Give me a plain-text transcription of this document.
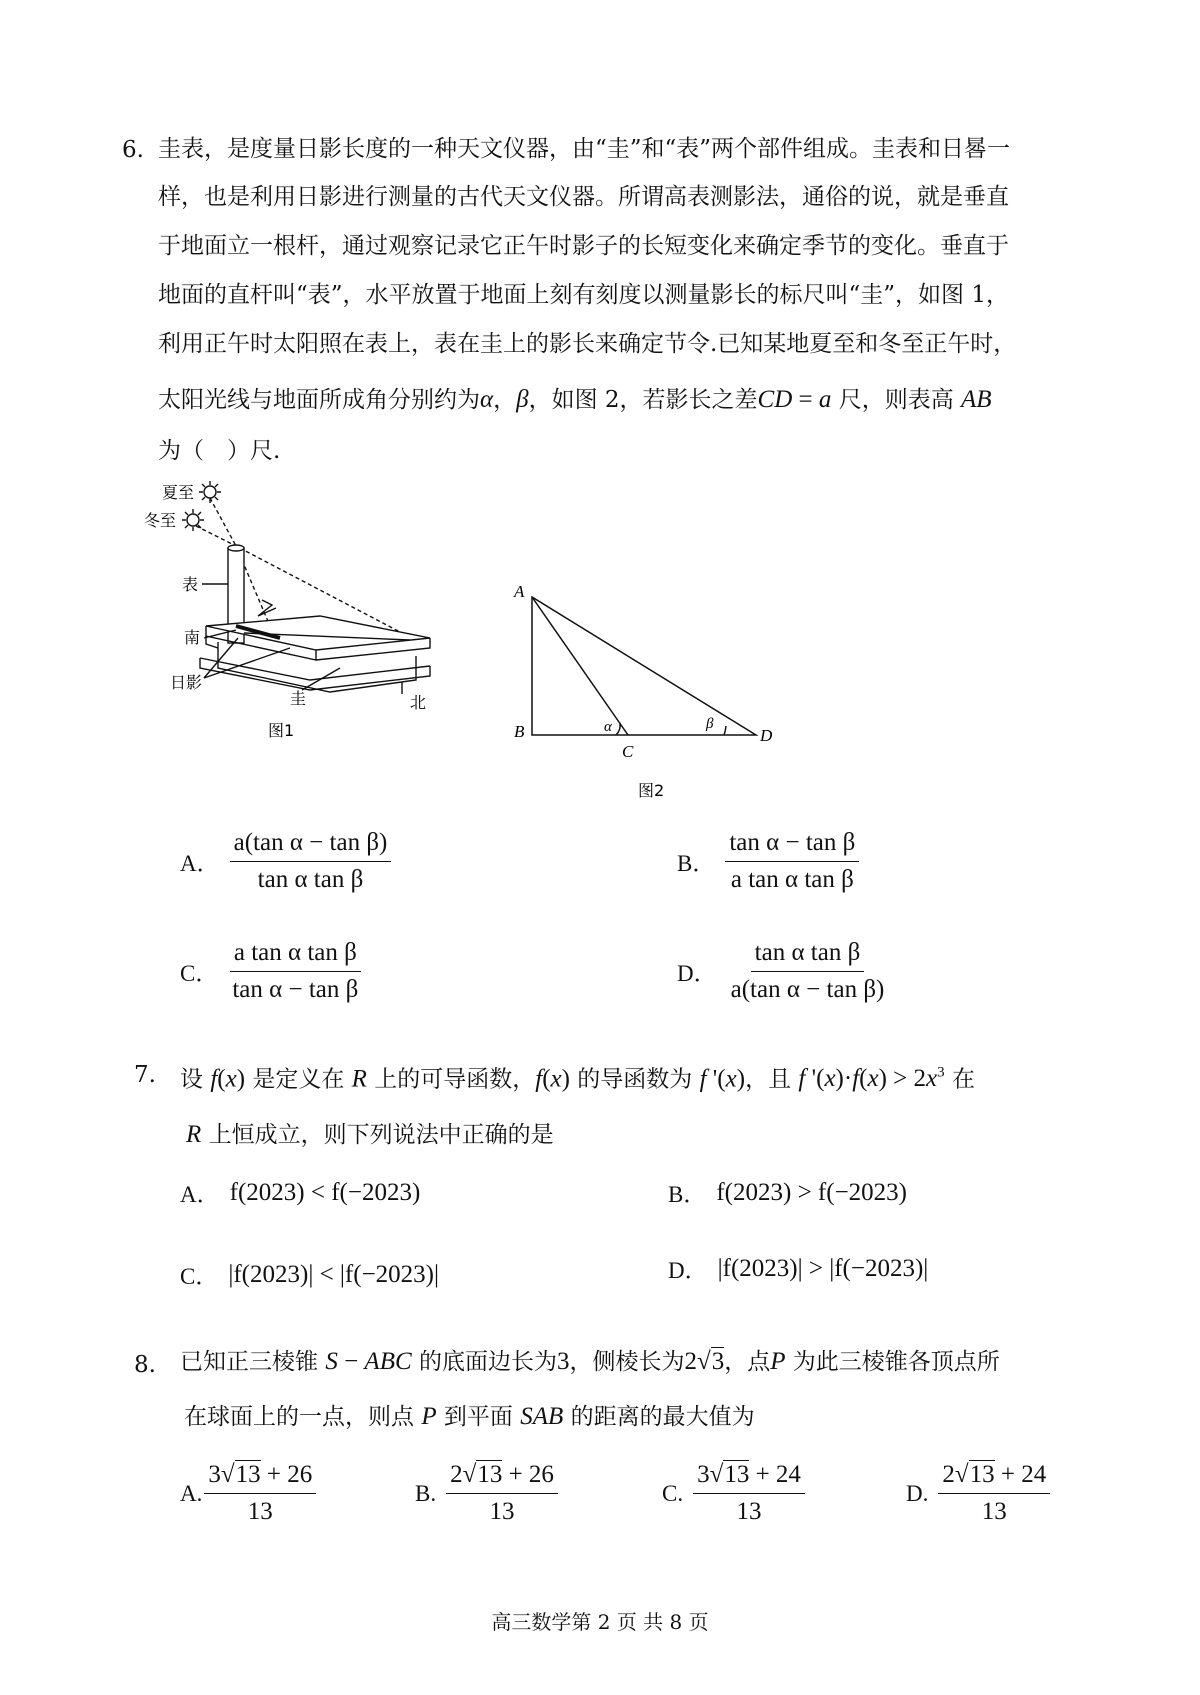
6. 圭表，是度量日影长度的一种天文仪器，由“圭”和“表”两个部件组成。圭表和日晷一
样，也是利用日影进行测量的古代天文仪器。所谓高表测影法，通俗的说，就是垂直
于地面立一根杆，通过观察记录它正午时影子的长短变化来确定季节的变化。垂直于
地面的直杆叫“表”，水平放置于地面上刻有刻度以测量影长的标尺叫“圭”，如图 1，
利用正午时太阳照在表上，表在圭上的影长来确定节令.已知某地夏至和冬至正午时，
太阳光线与地面所成角分别约为α，β，如图 2，若影长之差CD = a 尺，则表高 AB
为（　）尺.
夏至
冬至
表
南
日影
圭	北
图1
A
B
C
D
α	β
图2
A． $\frac{\text{a(tan α − tan β)}}{\text{tan α tan β}}$	B． $\frac{\text{tan α − tan β}}{\text{a tan α tan β}}$
C． $\frac{\text{a tan α tan β}}{\text{tan α − tan β}}$	D． $\frac{\text{tan α tan β}}{\text{a(tan α − tan β)}}$
7. 设 f(x) 是定义在 R 上的可导函数，f(x) 的导函数为 f '(x)，且 f '$(x)\cdot f(x) > 2x^3$ 在
R 上恒成立，则下列说法中正确的是
A． f(2023) < f(−2023)	B． f(2023) > f(−2023)
C． |f(2023)| < |f(−2023)|	D． |f(2023)| > |f(−2023)|
8. 已知正三棱锥 S − ABC 的底面边长为3，侧棱长为2√3，点P 为此三棱锥各顶点所
在球面上的一点，则点 P 到平面 SAB 的距离的最大值为
A. $\frac{3√13 + 26}{13}$	B. $\frac{2√13 + 26}{13}$	C. $\frac{3√13 + 24}{13}$	D. $\frac{2√13 + 24}{13}$
高三数学第 2 页 共 8 页
